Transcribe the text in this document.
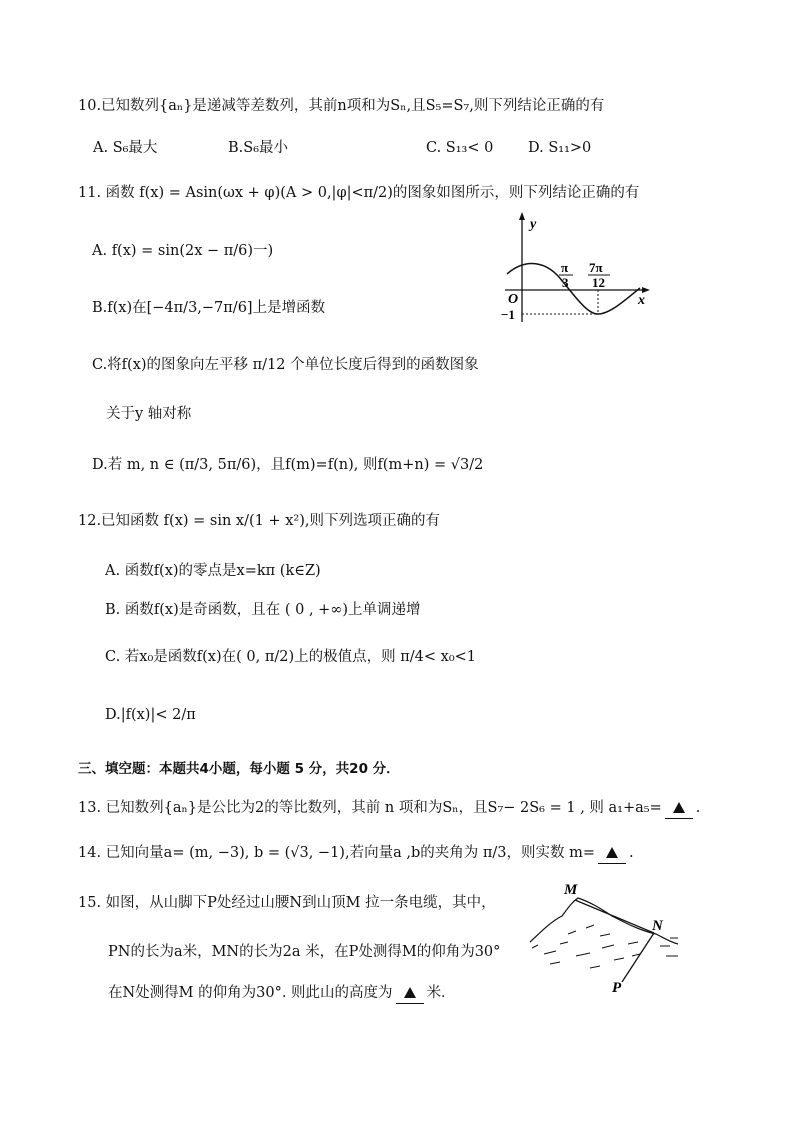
10.已知数列{aₙ}是递减等差数列，其前n项和为Sₙ,且S₅=S₇,则下列结论正确的有
A. S₆最大	B.S₆最小	C. S₁₃< 0 D. S₁₁>0
11. 函数 f(x) = Asin(ωx + φ)(A > 0,|φ|<π/2)的图象如图所示，则下列结论正确的有
A. f(x) = sin(2x − π/6)一)
B.f(x)在[−4π/3,−7π/6]上是增函数
C.将f(x)的图象向左平移 π/12 个单位长度后得到的函数图象
关于y 轴对称
D.若 m, n ∈ (π/3, 5π/6)，且f(m)=f(n), 则f(m+n) = √3/2
y
x
O
−1
π
3
7π
12
12.已知函数 f(x) = sin x/(1 + x²),则下列选项正确的有
A. 函数f(x)的零点是x=kπ (k∈Z)
B. 函数f(x)是奇函数，且在 ( 0 , +∞)上单调递增
C. 若x₀是函数f(x)在( 0, π/2)上的极值点，则 π/4< x₀<1
D.|f(x)|< 2/π
三、填空题：本题共4小题，每小题 5 分，共20 分．
13. 已知数列{aₙ}是公比为2的等比数列，其前 n 项和为Sₙ，且S₇− 2S₆ = 1 , 则 a₁+a₅= .
14. 已知向量a= (m, −3), b = (√3, −1),若向量a ,b的夹角为 π/3，则实数 m= .
15. 如图，从山脚下P处经过山腰N到山顶M 拉一条电缆，其中，
PN的长为a米，MN的长为2a 米，在P处测得M的仰角为30°
在N处测得M 的仰角为30°. 则此山的高度为 米．
M
N
P
